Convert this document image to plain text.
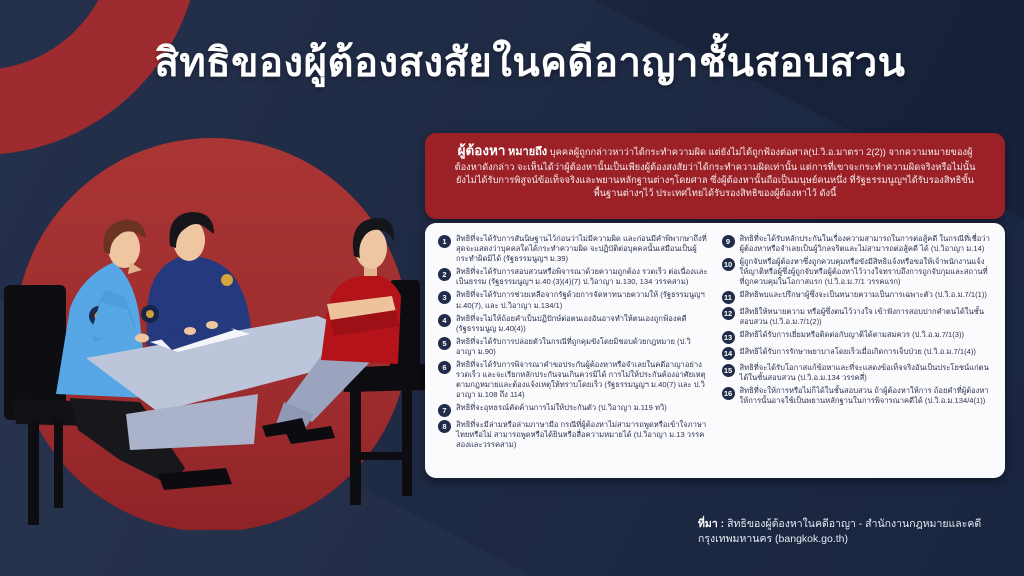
สิทธิของผู้ต้องสงสัยในคดีอาญาชั้นสอบสวน

ผู้ต้องหา หมายถึง บุคคลผู้ถูกกล่าวหาว่าได้กระทำความผิด แต่ยังไม่ได้ถูกฟ้องต่อศาล(ป.วิ.อ.มาตรา 2(2)) จากความหมายของผู้ต้องหาดังกล่าว จะเห็นได้ว่าผู้ต้องหานั้นเป็นเพียงผู้ต้องสงสัยว่าได้กระทำความผิดเท่านั้น แต่การที่เขาจะกระทำความผิดจริงหรือไม่นั้น ยังไม่ได้รับการพิสูจน์ข้อเท็จจริงและพยานหลักฐานต่างๆโดยศาล ซึ่งผู้ต้องหานั้นถือเป็นมนุษย์คนหนึ่ง ที่รัฐธรรมนูญฯได้รับรองสิทธิขั้นพื้นฐานต่างๆไว้ ประเทศไทยได้รับรองสิทธิของผู้ต้องหาไว้ ดังนี้

1	สิทธิที่จะได้รับการสันนิษฐานไว้ก่อนว่าไม่มีความผิด และก่อนมีคำพิพากษาถึงที่สุดจะแสดงว่าบุคคลใดได้กระทำความผิด จะปฏิบัติต่อบุคคลนั้นเสมือนเป็นผู้กระทำผิดมิได้ (รัฐธรรมนูญฯ ม.39)
2	สิทธิที่จะได้รับการสอบสวนหรือพิจารณาด้วยความถูกต้อง รวดเร็ว ต่อเนื่องและเป็นธรรม (รัฐธรรมนูญฯ ม.40 (3)(4)(7) ป.วิอาญา ม.130, 134 วรรคสาม)
3	สิทธิที่จะได้รับการช่วยเหลือจากรัฐด้วยการจัดหาทนายความให้ (รัฐธรรมนูญฯ ม.40(7), และ ป.วิอาญา ม.134/1)
4	สิทธิที่จะไม่ให้ถ้อยคำเป็นปฏิปักษ์ต่อตนเองอันอาจทำให้ตนเองถูกฟ้องคดี (รัฐธรรมนูญ ม.40(4))
5	สิทธิที่จะได้รับการปล่อยตัวในกรณีที่ถูกคุมขังโดยมิชอบด้วยกฎหมาย (ป.วิอาญา ม.90)
6	สิทธิที่จะได้รับการพิจารณาคำขอประกันผู้ต้องหาหรือจำเลยในคดีอาญาอย่างรวดเร็ว และจะเรียกหลักประกันจนเกินควรมิได้ การไม่ให้ประกันต้องอาศัยเหตุตามกฎหมายและต้องแจ้งเหตุให้ทราบโดยเร็ว (รัฐธรรมนูญฯ ม.40(7) และ ป.วิอาญา ม.108 ถึง 114)
7	สิทธิที่จะอุทธรณ์คัดค้านการไม่ให้ประกันตัว (ป.วิอาญา ม.119 ทวิ)
8	สิทธิที่จะมีล่ามหรือล่ามภาษามือ กรณีที่ผู้ต้องหาไม่สามารถพูดหรือเข้าใจภาษาไทยหรือไม่ สามารถพูดหรือได้ยินหรือสื่อความหมายได้ (ป.วิอาญา ม.13 วรรคสองและวรรคสาม)
9	สิทธิที่จะได้รับหลักประกันในเรื่องความสามารถในการต่อสู้คดี ในกรณีที่เชื่อว่าผู้ต้องหาหรือจำเลยเป็นผู้วิกลจริตและไม่สามารถต่อสู้คดี ได้ (ป.วิอาญา ม.14)
10 ผู้ถูกจับหรือผู้ต้องหาซึ่งถูกควบคุมหรือขังมีสิทธิแจ้งหรือขอให้เจ้าพนักงานแจ้งให้ญาติหรือผู้ซึ่งผู้ถูกจับหรือผู้ต้องหาไว้วางใจทราบถึงการถูกจับกุมและสถานที่ที่ถูกควบคุมในโอกาสแรก (ป.วิ.อ.ม.7/1 วรรคแรก)
11 มีสิทธิพบและปรึกษาผู้ซึ่งจะเป็นทนายความเป็นการเฉพาะตัว (ป.วิ.อ.ม.7/1(1))
12 มีสิทธิให้ทนายความ หรือผู้ซึ่งตนไว้วางใจ เข้าฟังการสอบปากคำตนได้ในชั้นสอบสวน (ป.วิ.อ.ม.7/1(2))
13 มีสิทธิได้รับการเยี่ยมหรือติดต่อกับญาติได้ตามสมควร (ป.วิ.อ.ม.7/1(3))
14 มีสิทธิได้รับการรักษาพยาบาลโดยเร็วเมื่อเกิดการเจ็บป่วย (ป.วิ.อ.ม.7/1(4))
15 สิทธิที่จะได้รับโอกาสแก้ข้อหาและที่จะแสดงข้อเท็จจริงอันเป็นประโยชน์แก่ตนได้ในชั้นสอบสวน (ป.วิ.อ.ม.134 วรรคสี่)
16 สิทธิที่จะให้การหรือไม่ก็ได้ในชั้นสอบสวน ถ้าผู้ต้องหาให้การ ถ้อยคำที่ผู้ต้องหาให้การนั้นอาจใช้เป็นพยานหลักฐานในการพิจารณาคดีได้ (ป.วิ.อ.ม.134/4(1))
ที่มา : สิทธิของผู้ต้องหาในคดีอาญา - สำนักงานกฎหมายและคดี กรุงเทพมหานคร (bangkok.go.th)
